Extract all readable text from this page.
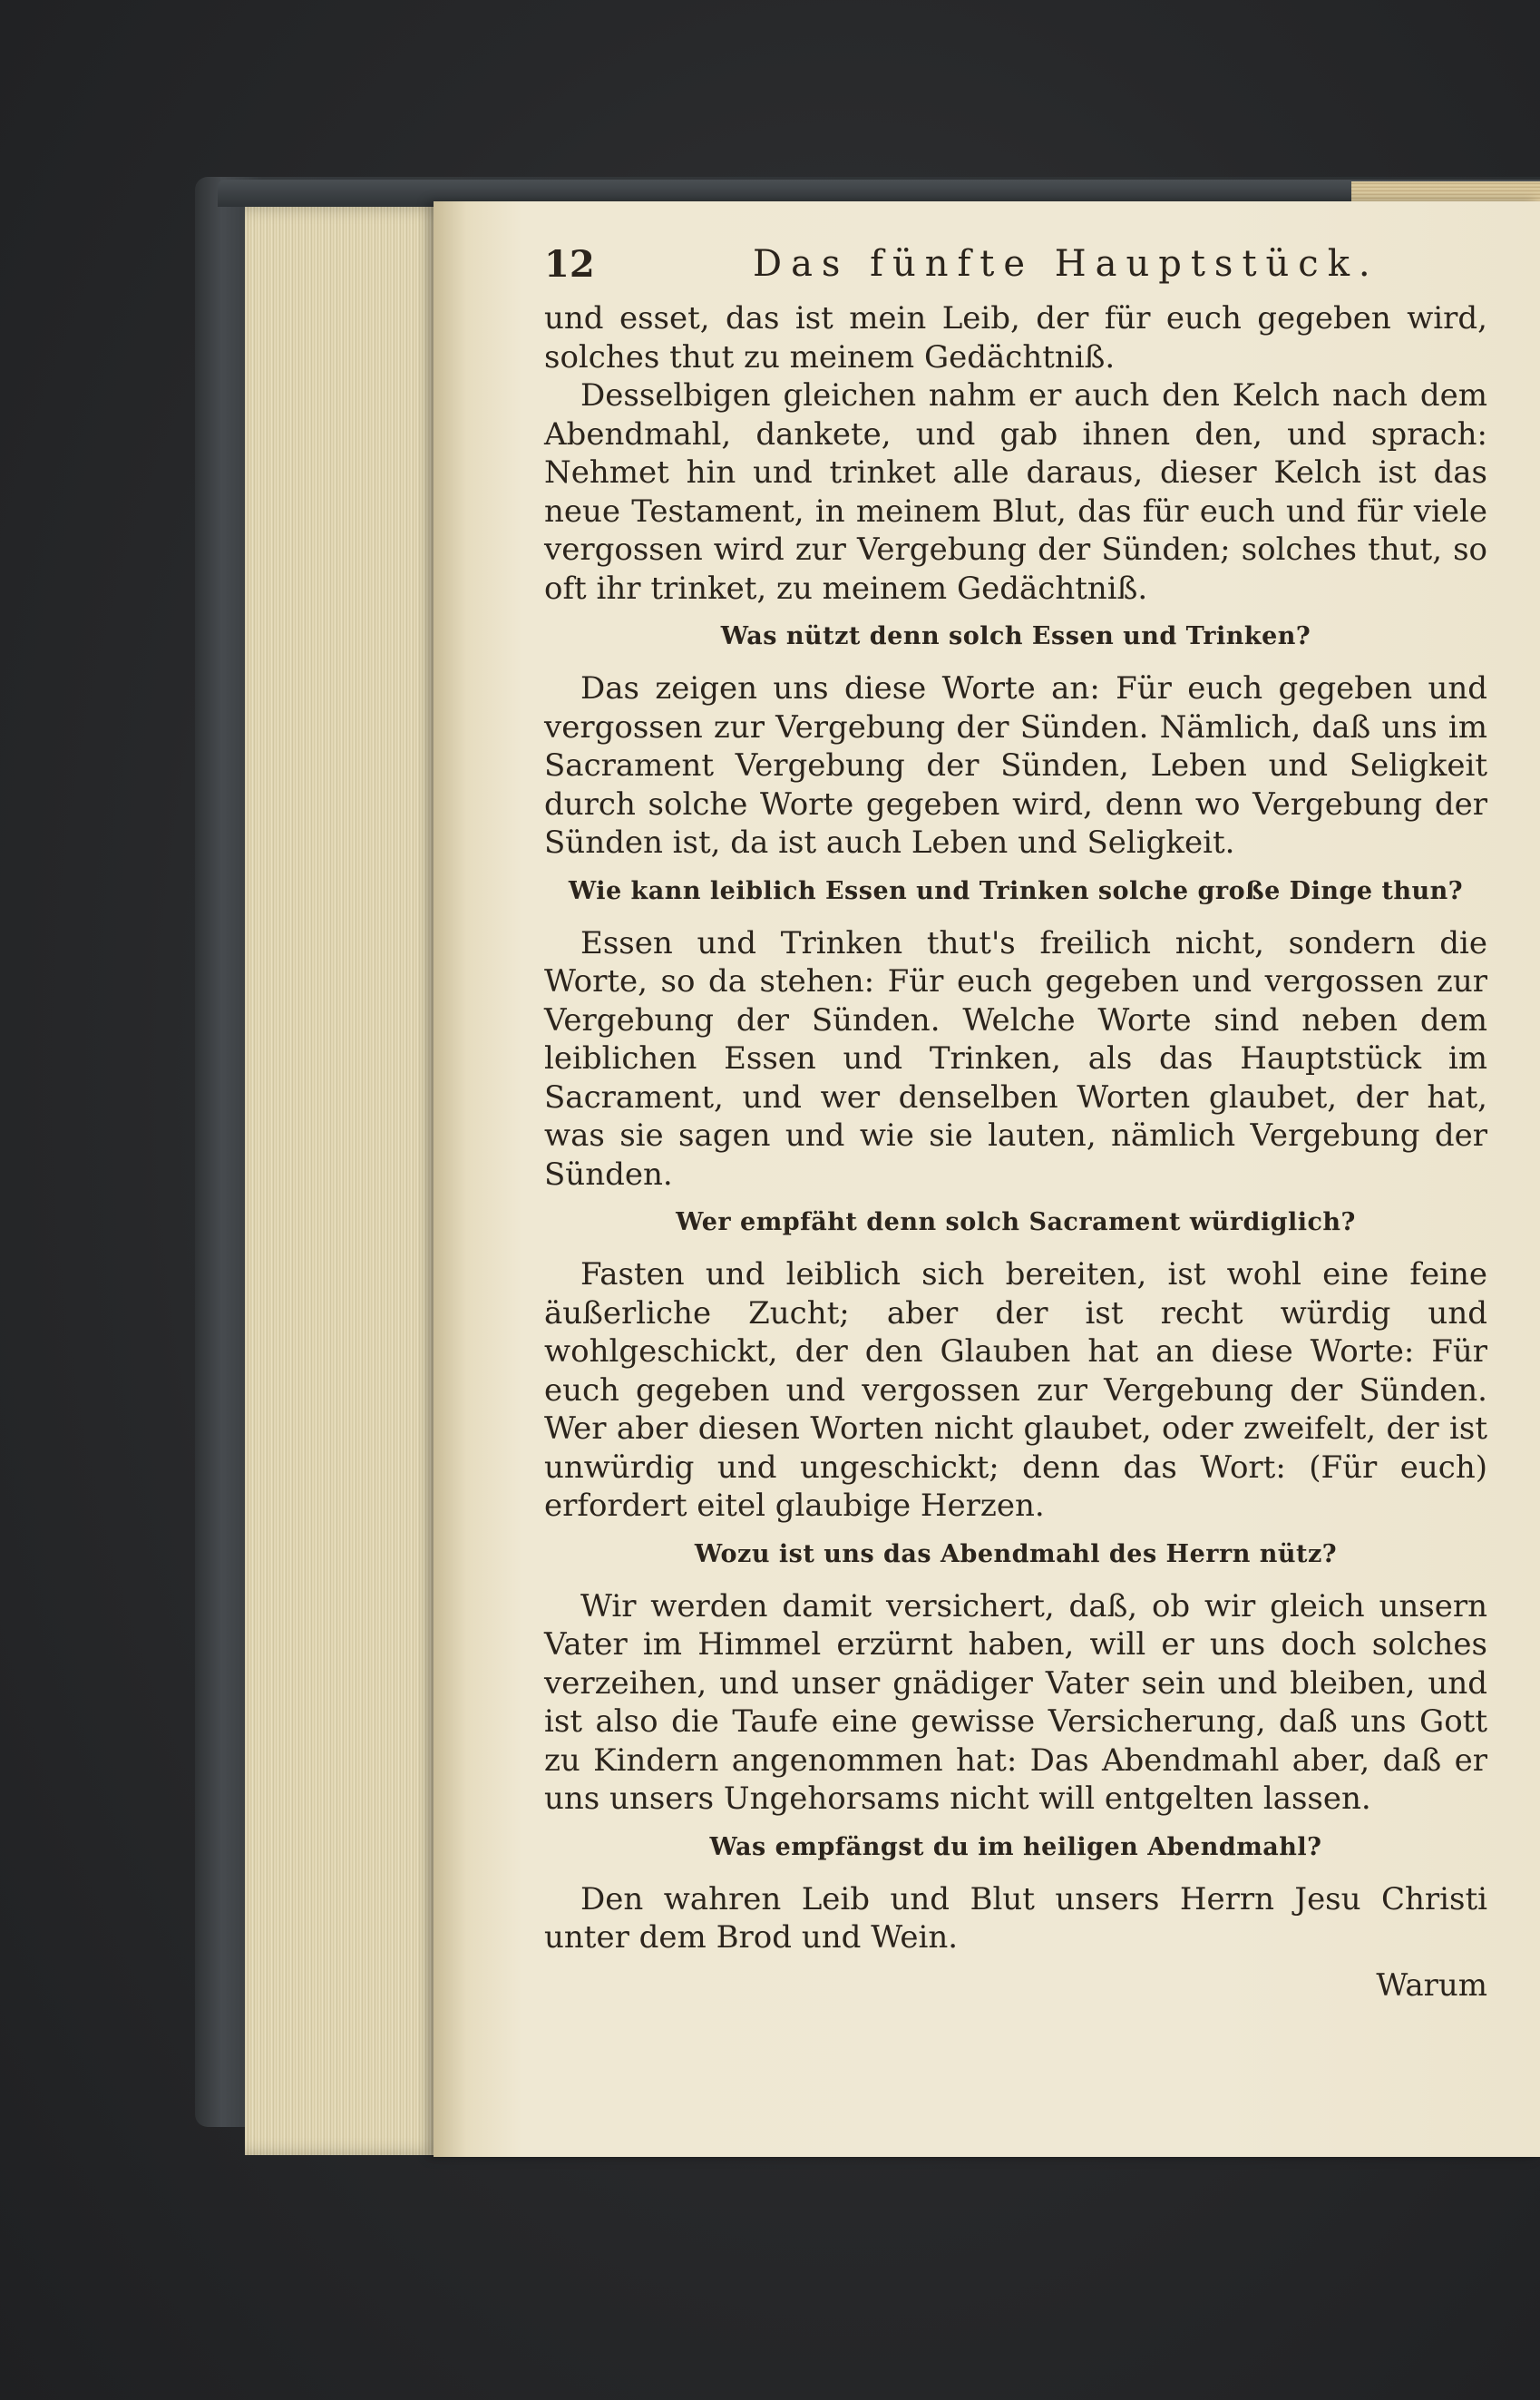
12	Das fünfte Hauptstück.

und esset, das ist mein Leib, der für euch gegeben wird, solches thut zu meinem Gedächtniß.

Desselbigen gleichen nahm er auch den Kelch nach dem Abendmahl, dankete, und gab ihnen den, und sprach: Nehmet hin und trinket alle daraus, dieser Kelch ist das neue Testament, in meinem Blut, das für euch und für viele vergossen wird zur Vergebung der Sünden; solches thut, so oft ihr trinket, zu meinem Gedächtniß.

Was nützt denn solch Essen und Trinken?

Das zeigen uns diese Worte an: Für euch gegeben und vergossen zur Vergebung der Sünden. Nämlich, daß uns im Sacrament Vergebung der Sünden, Leben und Seligkeit durch solche Worte gegeben wird, denn wo Vergebung der Sünden ist, da ist auch Leben und Seligkeit.

Wie kann leiblich Essen und Trinken solche große Dinge thun?

Essen und Trinken thut's freilich nicht, sondern die Worte, so da stehen: Für euch gegeben und vergossen zur Vergebung der Sünden. Welche Worte sind neben dem leiblichen Essen und Trinken, als das Hauptstück im Sacrament, und wer denselben Worten glaubet, der hat, was sie sagen und wie sie lauten, nämlich Vergebung der Sünden.

Wer empfäht denn solch Sacrament würdiglich?

Fasten und leiblich sich bereiten, ist wohl eine feine äußerliche Zucht; aber der ist recht würdig und wohlgeschickt, der den Glauben hat an diese Worte: Für euch gegeben und vergossen zur Vergebung der Sünden. Wer aber diesen Worten nicht glaubet, oder zweifelt, der ist unwürdig und ungeschickt; denn das Wort: (Für euch) erfordert eitel glaubige Herzen.

Wozu ist uns das Abendmahl des Herrn nütz?

Wir werden damit versichert, daß, ob wir gleich unsern Vater im Himmel erzürnt haben, will er uns doch solches verzeihen, und unser gnädiger Vater sein und bleiben, und ist also die Taufe eine gewisse Versicherung, daß uns Gott zu Kindern angenommen hat: Das Abendmahl aber, daß er uns unsers Ungehorsams nicht will entgelten lassen.

Was empfängst du im heiligen Abendmahl?

Den wahren Leib und Blut unsers Herrn Jesu Christi unter dem Brod und Wein.

Warum
